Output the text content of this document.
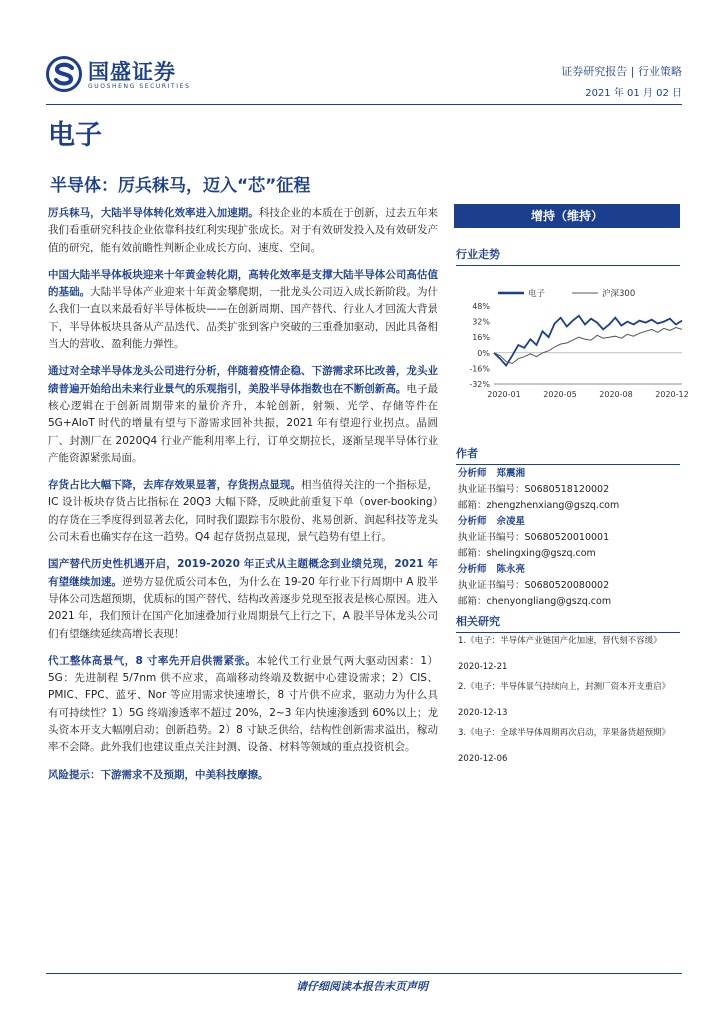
国盛证券
GUOSHENG SECURITIES
证券研究报告 | 行业策略
2021 年 01 月 02 日
电子
半导体：厉兵秣马，迈入“芯”征程

厉兵秣马，大陆半导体转化效率进入加速期。科技企业的本质在于创新，过去五年来我们看重研究科技企业依靠科技红利实现扩张成长。对于有效研发投入及有效研发产值的研究，能有效前瞻性判断企业成长方向、速度、空间。

中国大陆半导体板块迎来十年黄金转化期，高转化效率是支撑大陆半导体公司高估值的基础。大陆半导体产业迎来十年黄金攀爬期，一批龙头公司迈入成长新阶段。为什么我们一直以来最看好半导体板块——在创新周期、国产替代、行业人才回流大背景下，半导体板块具备从产品迭代、品类扩张到客户突破的三重叠加驱动，因此具备相当大的营收、盈利能力弹性。

通过对全球半导体龙头公司进行分析，伴随着疫情企稳、下游需求环比改善，龙头业绩普遍开始给出未来行业景气的乐观指引，美股半导体指数也在不断创新高。电子最核心逻辑在于创新周期带来的量价齐升，本轮创新，射频、光学、存储等件在 5G+AIoT 时代的增量有望与下游需求回补共振，2021 年有望迎行业拐点。晶圆厂、封测厂在 2020Q4 行业产能利用率上行，订单交期拉长，逐渐呈现半导体行业产能资源紧张局面。

存货占比大幅下降，去库存效果显著，存货拐点显现。相当值得关注的一个指标是，IC 设计板块存货占比指标在 20Q3 大幅下降，反映此前重复下单（over-booking）的存货在三季度得到显著去化，同时我们跟踪韦尔股份、兆易创新、润起科技等龙头公司未看也确实存在这一趋势。Q4 起存货拐点显现，景气趋势有望上行。

国产替代历史性机遇开启，2019-2020 年正式从主题概念到业绩兑现，2021 年有望继续加速。逆势方显优质公司本色，为什么在 19-20 年行业下行周期中 A 股半导体公司迭超预期，优质标的国产替代、结构改善逐步兑现至报表是核心原因。进入 2021 年，我们预计在国产化加速叠加行业周期景气上行之下，A 股半导体龙头公司们有望继续延续高增长表现！

代工整体高景气，8 寸率先开启供需紧张。本轮代工行业景气两大驱动因素：1）5G：先进制程 5/7nm 供不应求，高端移动终端及数据中心建设需求；2）CIS、PMIC、FPC、蓝牙、Nor 等应用需求快速增长，8 寸片供不应求，驱动力为什么具有可持续性？1）5G 终端渗透率不超过 20%，2~3 年内快速渗透到 60%以上；龙头资本开支大幅刚启动；创新趋势。2）8 寸缺乏供给，结构性创新需求溢出，稼动率不会降。此外我们也建议重点关注封测、设备、材料等领域的重点投资机会。

风险提示：下游需求不及预期，中美科技摩擦。

增持（维持）
行业走势
48%
32%
16%
0%
-16%
-32%
2020-01	2020-05	2020-08	2020-12
电子	沪深300
作者
分析师 郑震湘
执业证书编号：S0680518120002
邮箱：zhengzhenxiang@gszq.com
分析师 佘凌星
执业证书编号：S0680520010001
邮箱：shelingxing@gszq.com
分析师 陈永亮
执业证书编号：S0680520080002
邮箱：chenyongliang@gszq.com
相关研究
1.《电子：半导体产业链国产化加速，替代刻不容缓》
2020-12-21
2.《电子：半导体景气持续向上，封测厂资本开支重启》
2020-12-13
3.《电子：全球半导体周期再次启动，苹果备货超预期》
2020-12-06
请仔细阅读本报告末页声明
